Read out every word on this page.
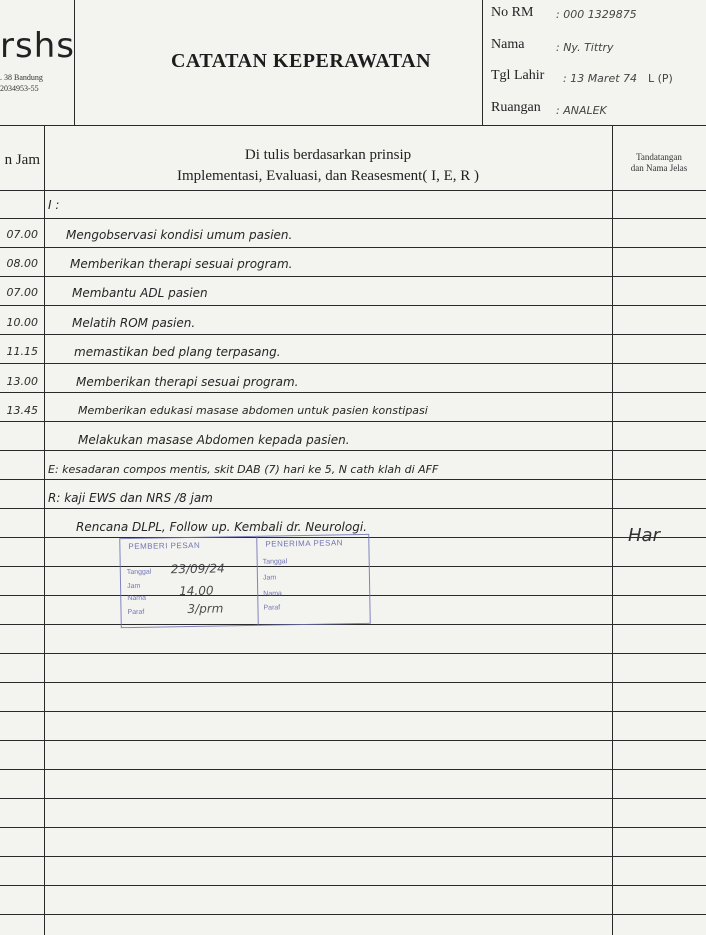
rshs
. 38 Bandung
2034953-55
CATATAN KEPERAWATAN
No RM : 000 1329875
Nama	: Ny. Tittry
Tgl Lahir : 13 Maret 74 L (P)
Ruangan : ANALEK
n Jam	Di tulis berdasarkan prinsip
Implementasi, Evaluasi, dan Reasesment( I, E, R )
Tandatangan
dan Nama Jelas
I :
07.00	Mengobservasi kondisi umum pasien.
08.00	Memberikan therapi sesuai program.
07.00	Membantu ADL pasien
10.00	Melatih ROM pasien.
11.15	memastikan bed plang terpasang.
13.00	Memberikan therapi sesuai program.
13.45	Memberikan edukasi masase abdomen untuk pasien konstipasi
Melakukan masase Abdomen kepada pasien.
E: kesadaran compos mentis, skit DAB (7) hari ke 5, N cath klah di AFF
R: kaji EWS dan NRS /8 jam
Rencana DLPL, Follow up. Kembali dr. Neurologi.	Har
PEMBERI PESAN	PENERIMA PESAN
Tanggal 23/09/24
Jam
Nama
14.00
Paraf	3/prm
Tanggal
Jam
Nama
Paraf
